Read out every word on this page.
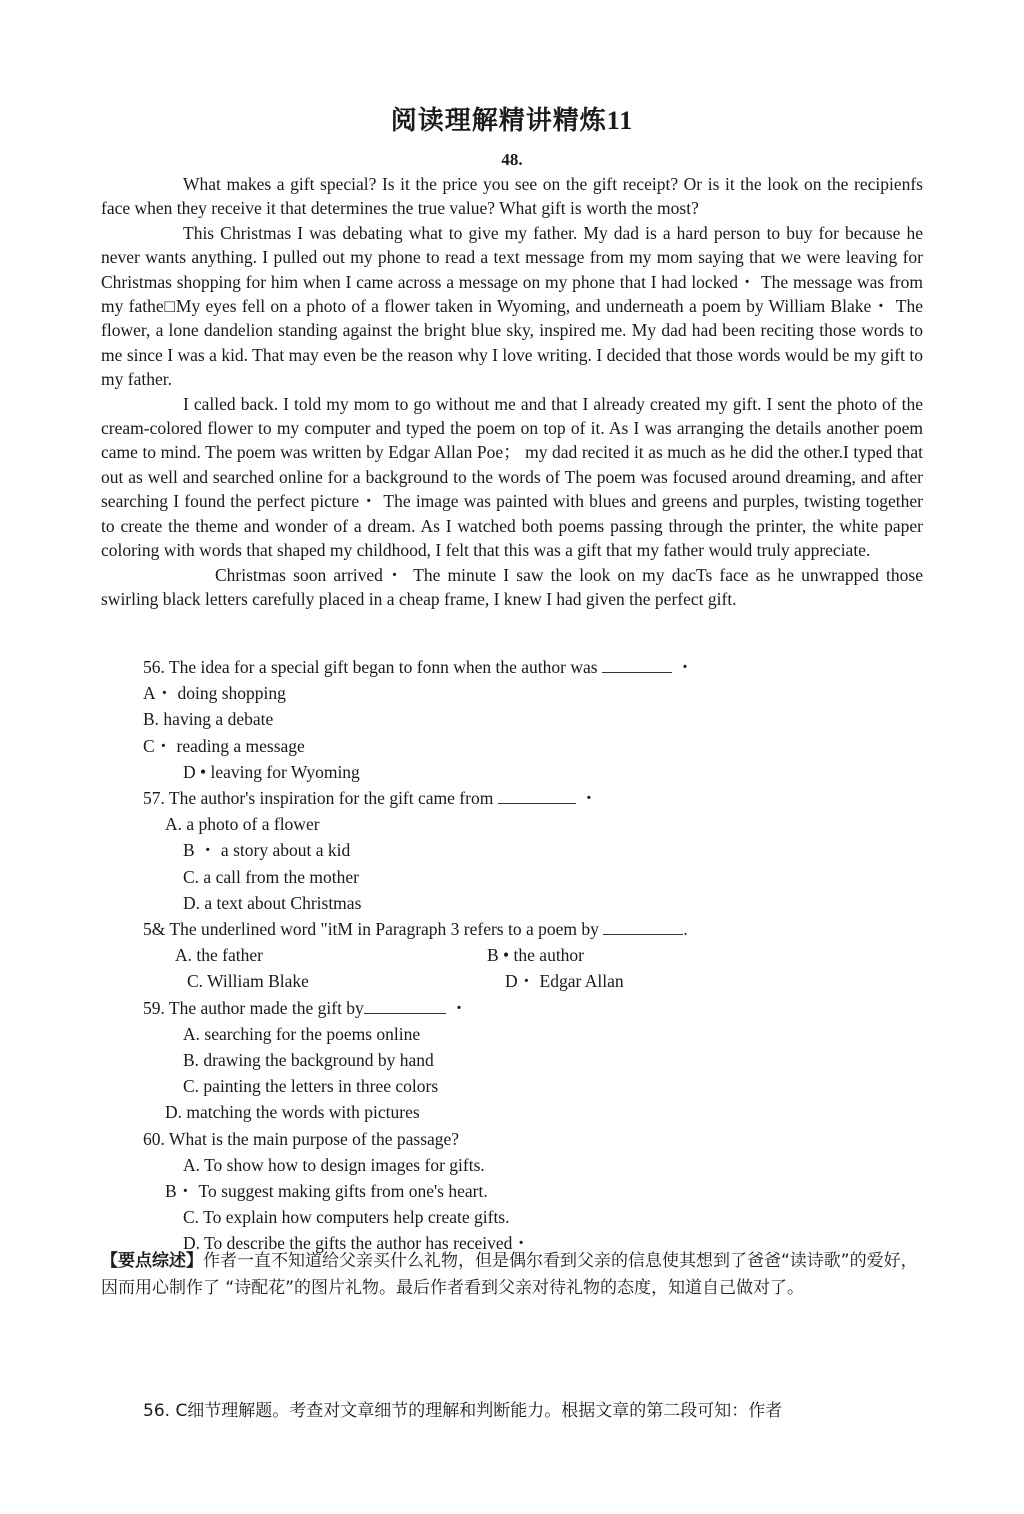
阅读理解精讲精炼11
48.

What makes a gift special? Is it the price you see on the gift receipt? Or is it the look on the recipienfs face when they receive it that determines the true value? What gift is worth the most?

This Christmas I was debating what to give my father. My dad is a hard person to buy for because he never wants anything. I pulled out my phone to read a text message from my mom saying that we were leaving for Christmas shopping for him when I came across a message on my phone that I had locked・ The message was from my fathe□My eyes fell on a photo of a flower taken in Wyoming, and underneath a poem by William Blake・ The flower, a lone dandelion standing against the bright blue sky, inspired me. My dad had been reciting those words to me since I was a kid. That may even be the reason why I love writing. I decided that those words would be my gift to my father.

I called back. I told my mom to go without me and that I already created my gift. I sent the photo of the cream-colored flower to my computer and typed the poem on top of it. As I was arranging the details another poem came to mind. The poem was written by Edgar Allan Poe； my dad recited it as much as he did the other.I typed that out as well and searched online for a background to the words of The poem was focused around dreaming, and after searching I found the perfect picture・ The image was painted with blues and greens and purples, twisting together to create the theme and wonder of a dream. As I watched both poems passing through the printer, the white paper coloring with words that shaped my childhood, I felt that this was a gift that my father would truly appreciate.

Christmas soon arrived・ The minute I saw the look on my dacTs face as he unwrapped those swirling black letters carefully placed in a cheap frame, I knew I had given the perfect gift.

56. The idea for a special gift began to fonn when the author was	・
A・ doing shopping
B. having a debate
C・ reading a message
D • leaving for Wyoming
57. The author's inspiration for the gift came from	・
A. a photo of a flower
B ・ a story about a kid
C. a call from the mother
D. a text about Christmas
5& The underlined word "itM in Paragraph 3 refers to a poem by	.
A. the father	B • the author
C. William Blake	D・ Edgar Allan
59. The author made the gift by	・
A. searching for the poems online
B. drawing the background by hand
C. painting the letters in three colors
D. matching the words with pictures
60. What is the main purpose of the passage?
A. To show how to design images for gifts.
B・ To suggest making gifts from one's heart.
C. To explain how computers help create gifts.
D. To describe the gifts the author has received・
【要点综述】作者一直不知道给父亲买什么礼物，但是偶尔看到父亲的信息使其想到了爸爸“读诗歌”的爱好，因而用心制作了 “诗配花”的图片礼物。最后作者看到父亲对待礼物的态度，知道自己做对了。
56. C细节理解题。考查对文章细节的理解和判断能力。根据文章的第二段可知：作者
